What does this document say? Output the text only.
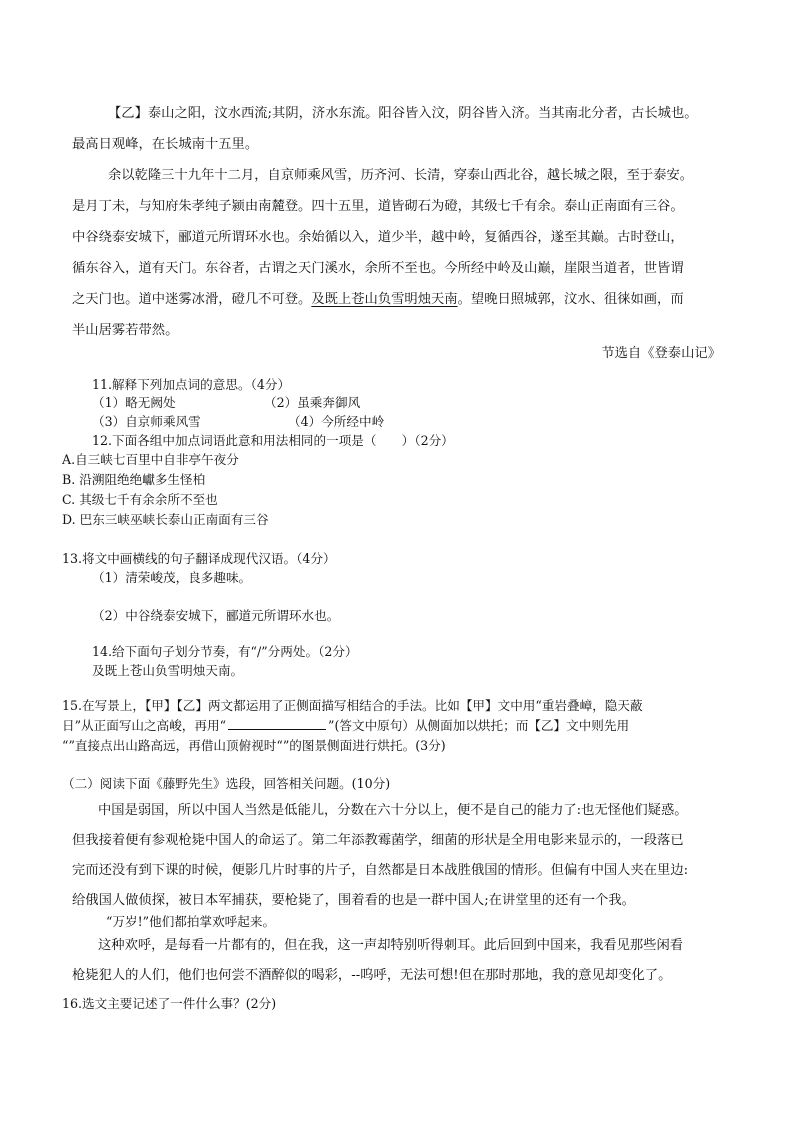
【乙】泰山之阳，汶水西流;其阴，济水东流。阳谷皆入汶，阴谷皆入济。当其南北分者，古长城也。
最高日观峰，在长城南十五里。
余以乾隆三十九年十二月，自京师乘风雪，历齐河、长清，穿泰山西北谷，越长城之限，至于泰安。
是月丁未，与知府朱孝纯子颍由南麓登。四十五里，道皆砌石为磴，其级七千有余。泰山正南面有三谷。
中谷绕泰安城下，郦道元所谓环水也。余始循以入，道少半，越中岭，复循西谷，遂至其巅。古时登山，
循东谷入，道有天门。东谷者，古谓之天门溪水，余所不至也。今所经中岭及山巅，崖限当道者，世皆谓
之天门也。道中迷雾冰滑，磴几不可登。及既上苍山负雪明烛天南。望晚日照城郭，汶水、徂徕如画，而
半山居雾若带然。
节选自《登泰山记》
11.解释下列加点词的意思。（4分）
（1）略无阙处	（2）虽乘奔御风
（3）自京师乘风雪	（4）今所经中岭
12.下面各组中加点词语此意和用法相同的一项是（　　）（2分）
A.自三峡七百里中自非亭午夜分
B. 沿溯阻绝绝巘多生怪柏
C. 其级七千有余余所不至也
D. 巴东三峡巫峡长泰山正南面有三谷
13.将文中画横线的句子翻译成现代汉语。（4分）
（1）清荣峻茂，良多趣味。
（2）中谷绕泰安城下，郦道元所谓环水也。
14.给下面句子划分节奏，有“/”分两处。（2分）
及既上苍山负雪明烛天南。
15.在写景上，【甲】【乙】两文都运用了正侧面描写相结合的手法。比如【甲】文中用“重岩叠嶂，隐天蔽
日”从正面写山之高峻，再用“	”(答文中原句）从侧面加以烘托；而【乙】文中则先用
“”直接点出山路高远，再借山顶俯视时“”的图景侧面进行烘托。(3分)
（二）阅读下面《藤野先生》选段，回答相关问题。(10分)
中国是弱国，所以中国人当然是低能儿，分数在六十分以上，便不是自己的能力了:也无怪他们疑惑。
但我接着便有参观枪毙中国人的命运了。第二年添教霉菌学，细菌的形状是全用电影来显示的，一段落已
完而还没有到下课的时候，便影几片时事的片子，自然都是日本战胜俄国的情形。但偏有中国人夹在里边:
给俄国人做侦探，被日本军捕获，要枪毙了，围着看的也是一群中国人;在讲堂里的还有一个我。
“万岁!”他们都拍掌欢呼起来。
这种欢呼，是每看一片都有的，但在我，这一声却特别听得刺耳。此后回到中国来，我看见那些闲看
枪毙犯人的人们，他们也何尝不酒醉似的喝彩，--呜呼，无法可想!但在那时那地，我的意见却变化了。
16.选文主要记述了一件什么事？(2分)
